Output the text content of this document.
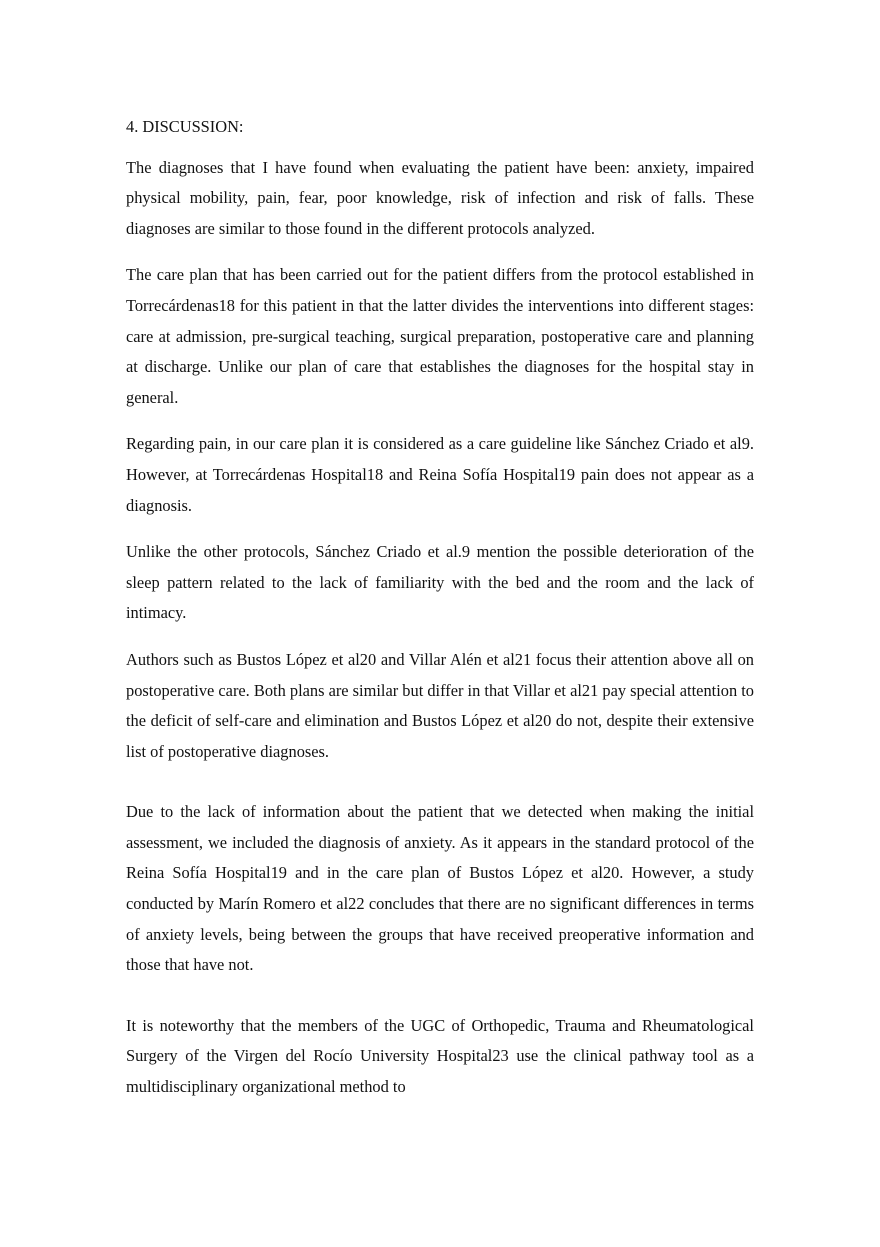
4. DISCUSSION:

The diagnoses that I have found when evaluating the patient have been: anxiety, impaired physical mobility, pain, fear, poor knowledge, risk of infection and risk of falls. These diagnoses are similar to those found in the different protocols analyzed.

The care plan that has been carried out for the patient differs from the protocol established in Torrecárdenas18 for this patient in that the latter divides the interventions into different stages: care at admission, pre-surgical teaching, surgical preparation, postoperative care and planning at discharge. Unlike our plan of care that establishes the diagnoses for the hospital stay in general.

Regarding pain, in our care plan it is considered as a care guideline like Sánchez Criado et al9. However, at Torrecárdenas Hospital18 and Reina Sofía Hospital19 pain does not appear as a diagnosis.

Unlike the other protocols, Sánchez Criado et al.9 mention the possible deterioration of the sleep pattern related to the lack of familiarity with the bed and the room and the lack of intimacy.

Authors such as Bustos López et al20 and Villar Alén et al21 focus their attention above all on postoperative care. Both plans are similar but differ in that Villar et al21 pay special attention to the deficit of self-care and elimination and Bustos López et al20 do not, despite their extensive list of postoperative diagnoses.

Due to the lack of information about the patient that we detected when making the initial assessment, we included the diagnosis of anxiety. As it appears in the standard protocol of the Reina Sofía Hospital19 and in the care plan of Bustos López et al20. However, a study conducted by Marín Romero et al22 concludes that there are no significant differences in terms of anxiety levels, being between the groups that have received preoperative information and those that have not.

It is noteworthy that the members of the UGC of Orthopedic, Trauma and Rheumatological Surgery of the Virgen del Rocío University Hospital23 use the clinical pathway tool as a multidisciplinary organizational method to
